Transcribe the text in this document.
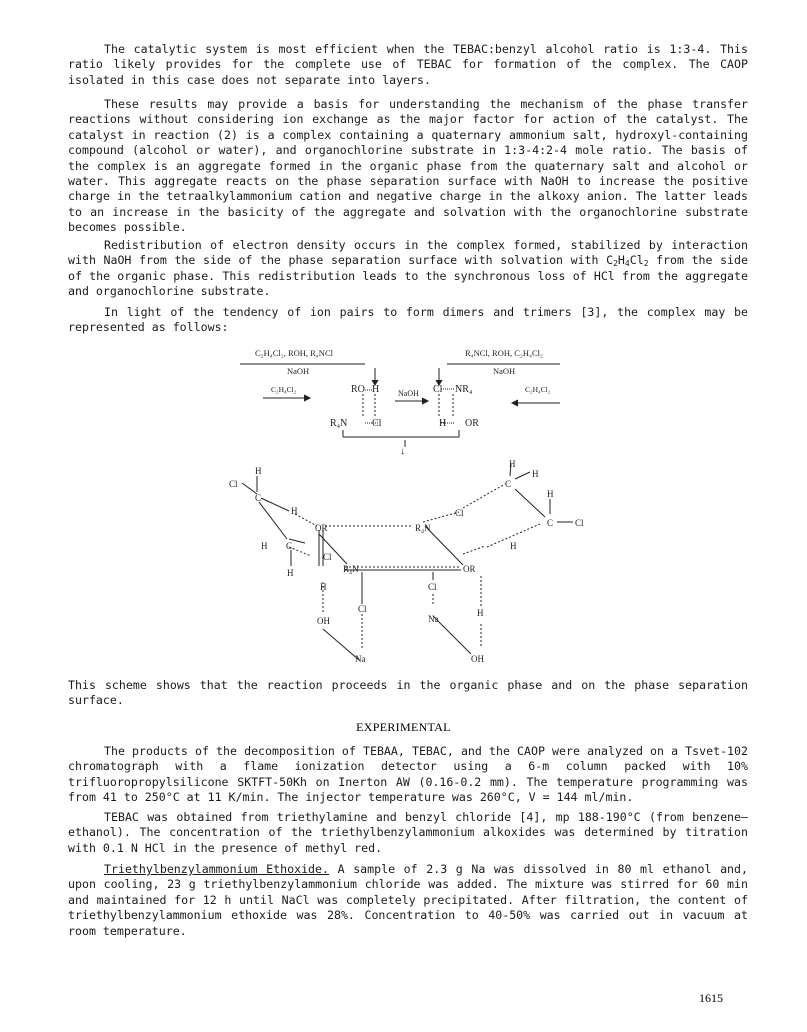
The catalytic system is most efficient when the TEBAC:benzyl alcohol ratio is 1:3-4. This ratio likely provides for the complete use of TEBAC for formation of the complex. The CAOP isolated in this case does not separate into layers.

These results may provide a basis for understanding the mechanism of the phase transfer reactions without considering ion exchange as the major factor for action of the catalyst. The catalyst in reaction (2) is a complex containing a quaternary ammonium salt, hydroxyl-containing compound (alcohol or water), and organochlorine substrate in 1:3-4:2-4 mole ratio. The basis of the complex is an aggregate formed in the organic phase from the quaternary salt and alcohol or water. This aggregate reacts on the phase separation surface with NaOH to increase the positive charge in the tetraalkylammonium cation and negative charge in the alkoxy anion. The latter leads to an increase in the basicity of the aggregate and solvation with the organochlorine substrate becomes possible.

Redistribution of electron density occurs in the complex formed, stabilized by interaction with NaOH from the side of the phase separation surface with solvation with $C_2H_4Cl_2$ from the side of the organic phase. This redistribution leads to the synchronous loss of HCl from the aggregate and organochlorine substrate.

In light of the tendency of ion pairs to form dimers and trimers [3], the complex may be represented as follows:

C₂H₄Cl₂, ROH, R₄NCl
NaOH
RO H
C₂H₄Cl₂
R₄N Cl
NaOH
R₄NCl, ROH, C₂H₄Cl₂
NaOH
Cl NR₄	C₂H₄Cl₂
H OR
↓
H
Cl
C
H
OR	R₄N
Cl
H
H
C
H
C Cl
H
H C
H
Cl
R₄N	OR
H	Cl
Cl	H
OH	Na
Na	OH

This scheme shows that the reaction proceeds in the organic phase and on the phase separation surface.

EXPERIMENTAL

The products of the decomposition of TEBAA, TEBAC, and the CAOP were analyzed on a Tsvet-102 chromatograph with a flame ionization detector using a 6-m column packed with 10% trifluoropropylsilicone SKTFT-50Kh on Inerton AW (0.16-0.2 mm). The temperature programming was from 41 to 250°C at 11 K/min. The injector temperature was 260°C, V = 144 ml/min.

TEBAC was obtained from triethylamine and benzyl chloride [4], mp 188-190°C (from benzene—ethanol). The concentration of the triethylbenzylammonium alkoxides was determined by titration with 0.1 N HCl in the presence of methyl red.

Triethylbenzylammonium Ethoxide. A sample of 2.3 g Na was dissolved in 80 ml ethanol and, upon cooling, 23 g triethylbenzylammonium chloride was added. The mixture was stirred for 60 min and maintained for 12 h until NaCl was completely precipitated. After filtration, the content of triethylbenzylammonium ethoxide was 28%. Concentration to 40-50% was carried out in vacuum at room temperature.

1615
